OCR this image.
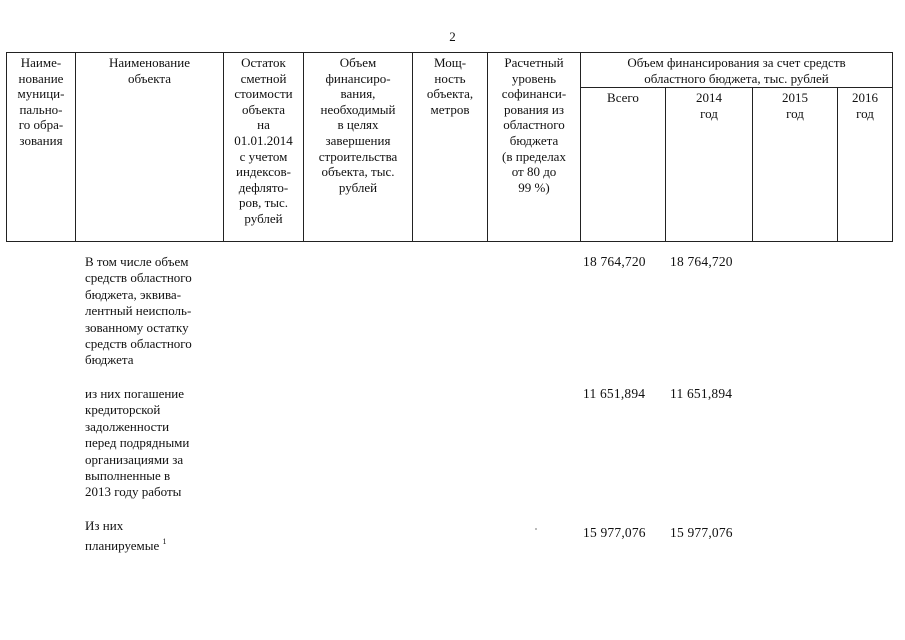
2
Наиме-
нование
муници-
пально-
го обра-
зования
Наименование
объекта
Остаток
сметной
стоимости
объекта
на
01.01.2014
с учетом
индексов-
дефлято-
ров, тыс.
рублей
Объем
финансиро-
вания,
необходимый
в целях
завершения
строительства
объекта, тыс.
рублей
Мощ-
ность
объекта,
метров
Расчетный
уровень
софинанси-
рования из
областного
бюджета
(в пределах
от 80 до
99 %)
Объем финансирования за счет средств
областного бюджета, тыс. рублей
Всего	2014
год
2015
год
2016
год
В том числе объем
средств областного
бюджета, эквива-
лентный неисполь-
зованному остатку
средств областного
бюджета
18 764,720 18 764,720
из них погашение
кредиторской
задолженности
перед подрядными
организациями за
выполненные в
2013 году работы
11 651,894 11 651,894
Из них
планируемые $^1$
15 977,076 15 977,076
